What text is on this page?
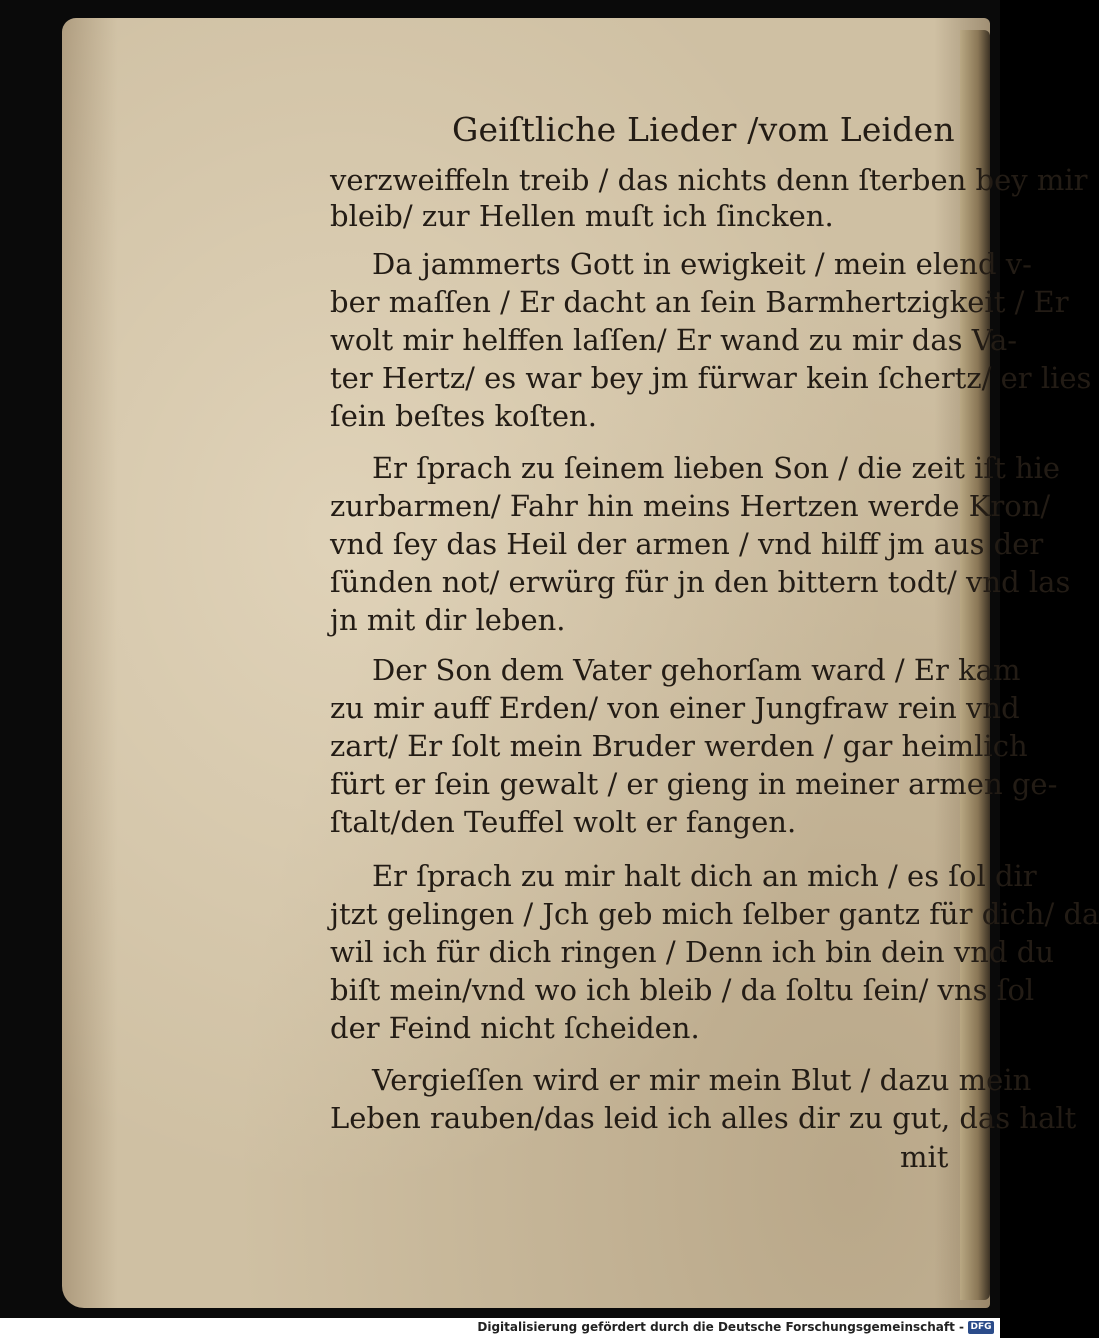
Geiſtliche Lieder /vom Leiden
verzweiffeln treib / das nichts denn ſterben bey mir
bleib/ zur Hellen muſt ich ſincken.
Da jammerts Gott in ewigkeit / mein elend v-
ber maſſen / Er dacht an ſein Barmhertzigkeit / Er
wolt mir helffen laſſen/ Er wand zu mir das Va-
ter Hertz/ es war bey jm fürwar kein ſchertz/ er lies
ſein beſtes koſten.
Er ſprach zu ſeinem lieben Son / die zeit iſt hie
zurbarmen/ Fahr hin meins Hertzen werde Kron/
vnd ſey das Heil der armen / vnd hilff jm aus der
ſünden not/ erwürg für jn den bittern todt/ vnd las
jn mit dir leben.
Der Son dem Vater gehorſam ward / Er kam
zu mir auff Erden/ von einer Jungfraw rein vnd
zart/ Er ſolt mein Bruder werden / gar heimlich
fürt er ſein gewalt / er gieng in meiner armen ge-
ſtalt/den Teuffel wolt er fangen.
Er ſprach zu mir halt dich an mich / es ſol dir
jtzt gelingen / Jch geb mich ſelber gantz für dich/ da
wil ich für dich ringen / Denn ich bin dein vnd du
biſt mein/vnd wo ich bleib / da ſoltu ſein/ vns ſol
der Feind nicht ſcheiden.
Vergieſſen wird er mir mein Blut / dazu mein
Leben rauben/das leid ich alles dir zu gut, das halt
mit
Digitalisierung gefördert durch die Deutsche Forschungsgemeinschaft - DFG
